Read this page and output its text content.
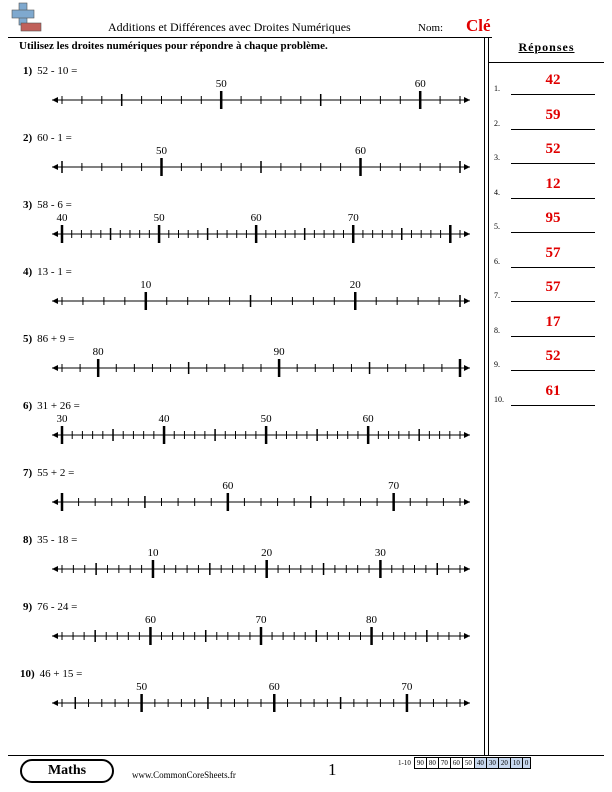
Additions et Différences avec Droites Numériques	Nom: Clé
Utilisez les droites numériques pour répondre à chaque problème.
1) 52 - 10 =
2) 60 - 1 =
3) 58 - 6 =
4) 13 - 1 =
5) 86 + 9 =
6) 31 + 26 =
7) 55 + 2 =
8) 35 - 18 =
9) 76 - 24 =
10) 46 + 15 =
50	60
50	60
40	50	60	70
10	20
80	90
30	40	50	60
60	70
10	20	30
60	70	80
50	60	70
Réponses
1.
42
2.
59
3.
52
4.
12
5.
95
6.
57
7.
57
8.
17
9.
52
10.
61
Maths	www.CommonCoreSheets.fr	1	1-10	90	80	70	60	50	40	30	20	10	0
